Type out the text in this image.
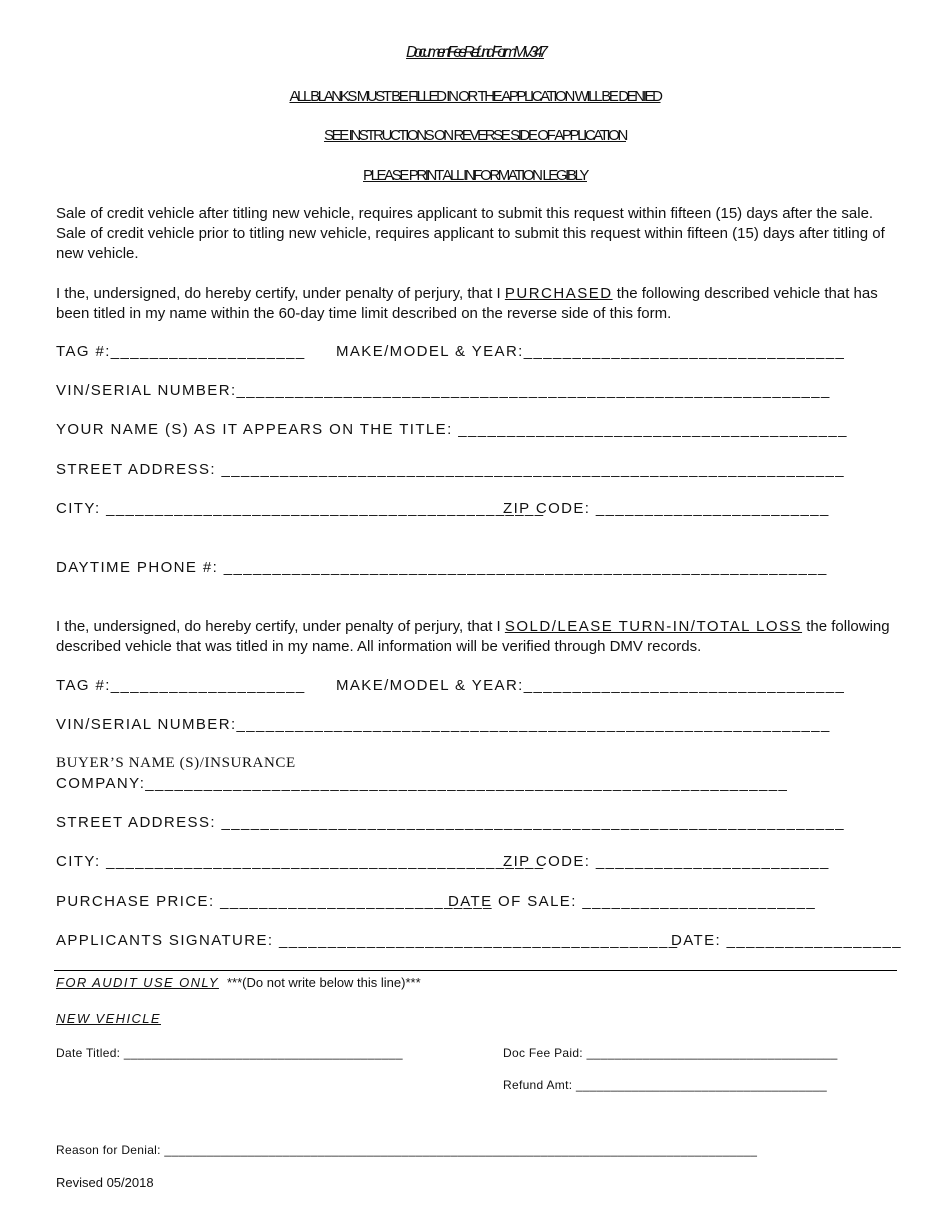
Document Fee Refund Form MV347
ALL BLANKS MUST BE FILLED IN OR THE APPLICATION WILL BE DENIED
SEE INSTRUCTIONS ON REVERSE SIDE OF APPLICATION
PLEASE PRINT ALL INFORMATION LEGIBLY
Sale of credit vehicle after titling new vehicle, requires applicant to submit this request within fifteen (15) days after the sale. Sale of credit vehicle prior to titling new vehicle, requires applicant to submit this request within fifteen (15) days after titling of new vehicle.
I the, undersigned, do hereby certify, under penalty of perjury, that I PURCHASED the following described vehicle that has been titled in my name within the 60-day time limit described on the reverse side of this form.
TAG #:____________________ MAKE/MODEL & YEAR:_________________________________
VIN/SERIAL NUMBER:_____________________________________________________________
YOUR NAME (S) AS IT APPEARS ON THE TITLE: ________________________________________
STREET ADDRESS: ________________________________________________________________
CITY: _____________________________________________
ZIP CODE: ________________________
DAYTIME PHONE #: ______________________________________________________________
I the, undersigned, do hereby certify, under penalty of perjury, that I SOLD/LEASE TURN-IN/TOTAL LOSS the following described vehicle that was titled in my name. All information will be verified through DMV records.
TAG #:____________________ MAKE/MODEL & YEAR:_________________________________
VIN/SERIAL NUMBER:_____________________________________________________________
BUYER’S NAME (S)/INSURANCE
COMPANY:__________________________________________________________________
STREET ADDRESS: ________________________________________________________________
CITY: _____________________________________________
ZIP CODE: ________________________
PURCHASE PRICE: ____________________________
DATE OF SALE: ________________________
APPLICANTS SIGNATURE: _________________________________________
DATE: __________________
FOR AUDIT USE ONLY ***(Do not write below this line)***
NEW VEHICLE
Date Titled: ________________________________________	Doc Fee Paid: ____________________________________
Refund Amt: ____________________________________
Reason for Denial: _____________________________________________________________________________________
Revised 05/2018
